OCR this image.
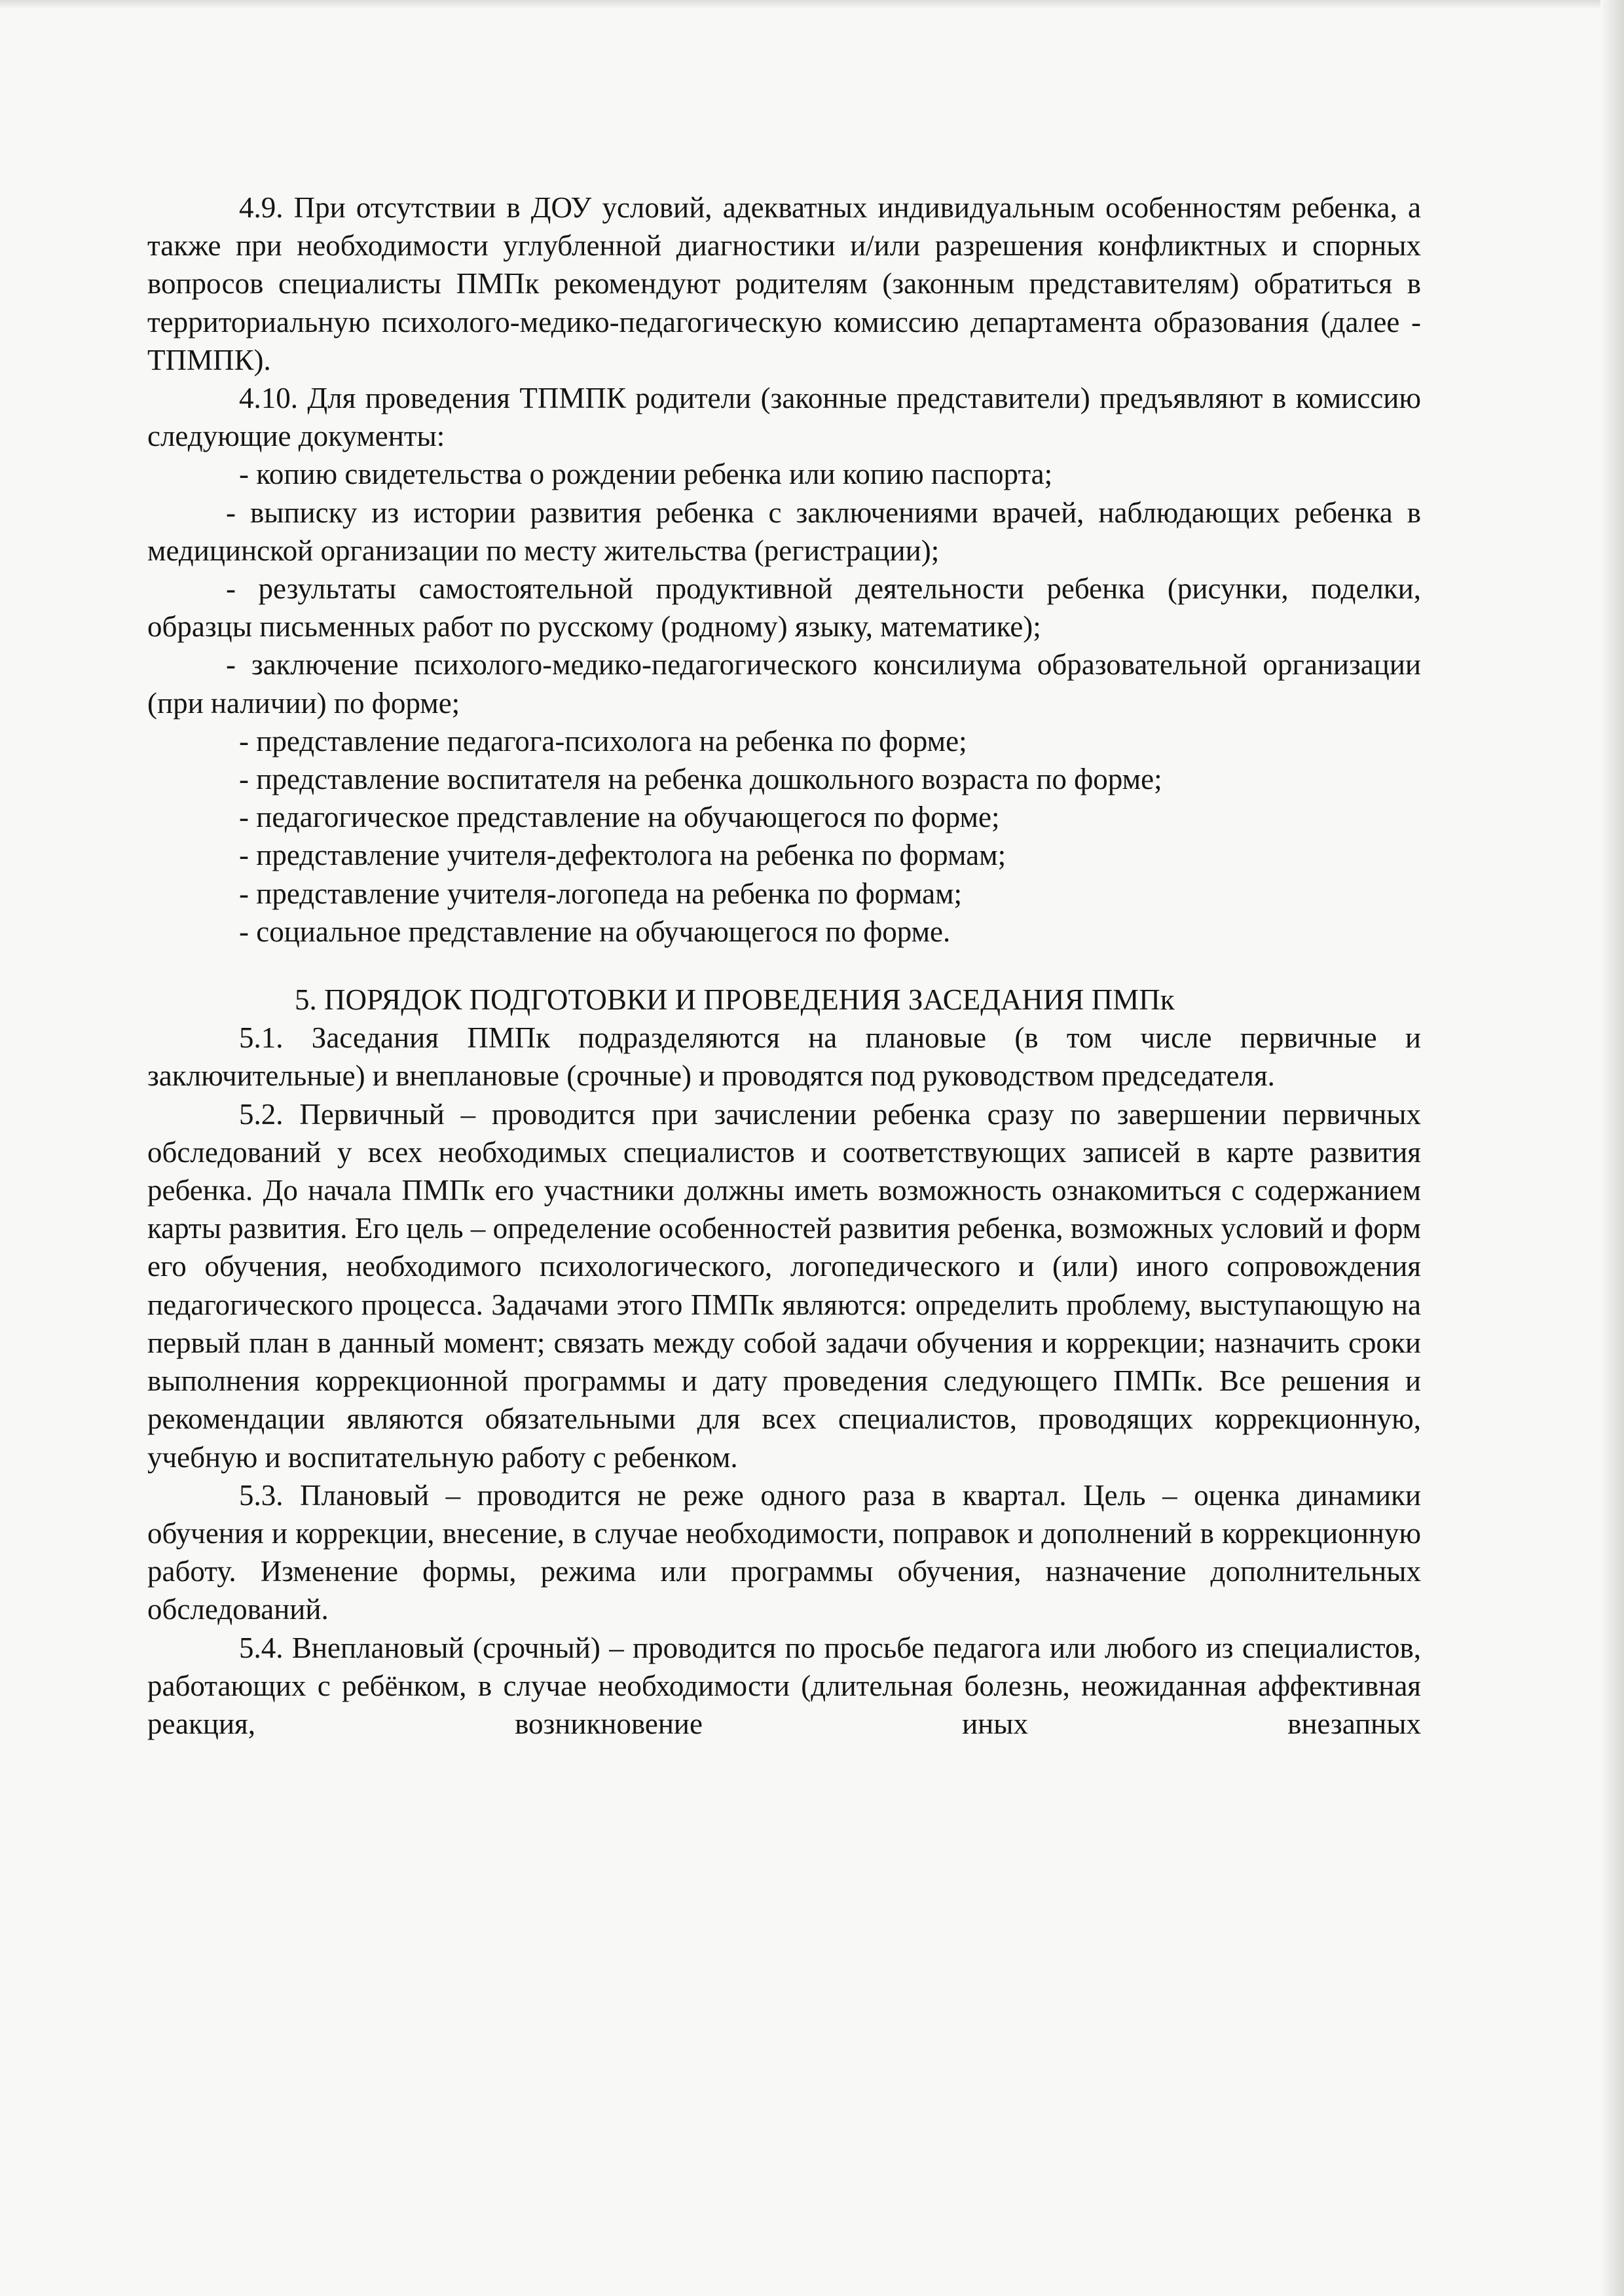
4.9. При отсутствии в ДОУ условий, адекватных индивидуальным особенностям ребенка, а также при необходимости углубленной диагностики и/или разрешения конфликтных и спорных вопросов специалисты ПМПк рекомендуют родителям (законным представителям) обратиться в территориальную психолого-медико-педагогическую комиссию департамента образования (далее - ТПМПК).

4.10. Для проведения ТПМПК родители (законные представители) предъявляют в комиссию следующие документы:

- копию свидетельства о рождении ребенка или копию паспорта;

- выписку из истории развития ребенка с заключениями врачей, наблюдающих ребенка в медицинской организации по месту жительства (регистрации);

- результаты самостоятельной продуктивной деятельности ребенка (рисунки, поделки, образцы письменных работ по русскому (родному) языку, математике);

- заключение психолого-медико-педагогического консилиума образовательной организации (при наличии) по форме;

- представление педагога-психолога на ребенка по форме;

- представление воспитателя на ребенка дошкольного возраста по форме;

- педагогическое представление на обучающегося по форме;

- представление учителя-дефектолога на ребенка по формам;

- представление учителя-логопеда на ребенка по формам;

- социальное представление на обучающегося по форме.

5. ПОРЯДОК ПОДГОТОВКИ И ПРОВЕДЕНИЯ ЗАСЕДАНИЯ ПМПк

5.1. Заседания ПМПк подразделяются на плановые (в том числе первичные и заключительные) и внеплановые (срочные) и проводятся под руководством председателя.

5.2. Первичный – проводится при зачислении ребенка сразу по завершении первичных обследований у всех необходимых специалистов и соответствующих записей в карте развития ребенка. До начала ПМПк его участники должны иметь возможность ознакомиться с содержанием карты развития. Его цель – определение особенностей развития ребенка, возможных условий и форм его обучения, необходимого психологического, логопедического и (или) иного сопровождения педагогического процесса. Задачами этого ПМПк являются: определить проблему, выступающую на первый план в данный момент; связать между собой задачи обучения и коррекции; назначить сроки выполнения коррекционной программы и дату проведения следующего ПМПк. Все решения и рекомендации являются обязательными для всех специалистов, проводящих коррекционную, учебную и воспитательную работу с ребенком.

5.3. Плановый – проводится не реже одного раза в квартал. Цель – оценка динамики обучения и коррекции, внесение, в случае необходимости, поправок и дополнений в коррекционную работу. Изменение формы, режима или программы обучения, назначение дополнительных обследований.

5.4. Внеплановый (срочный) – проводится по просьбе педагога или любого из специалистов, работающих с ребёнком, в случае необходимости (длительная болезнь, неожиданная аффективная реакция, возникновение иных внезапных
